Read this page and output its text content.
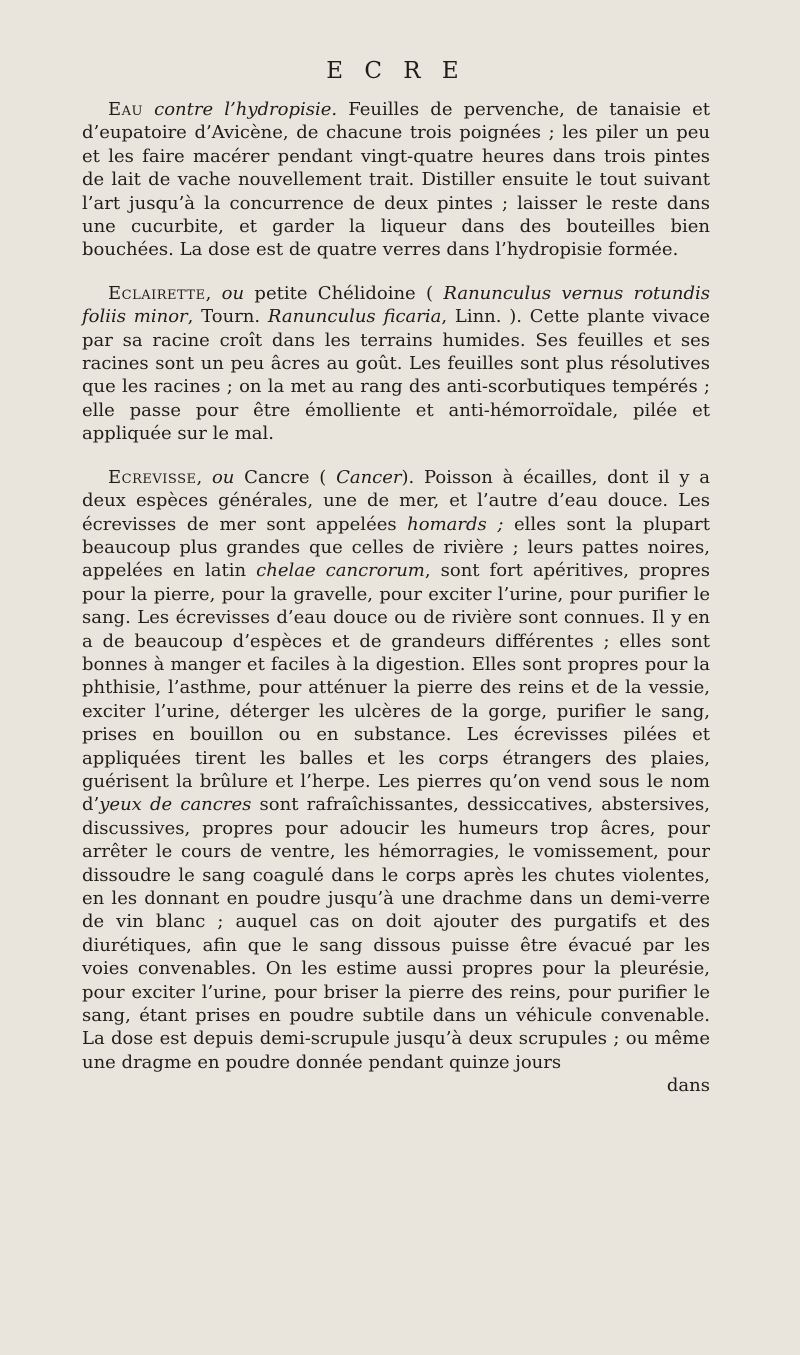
E C R E

Eau contre l’hydropisie. Feuilles de pervenche, de tanaisie et d’eupatoire d’Avicène, de chacune trois poignées ; les piler un peu et les faire macérer pendant vingt-quatre heures dans trois pintes de lait de vache nouvellement trait. Distiller ensuite le tout suivant l’art jusqu’à la concurrence de deux pintes ; laisser le reste dans une cucurbite, et garder la liqueur dans des bouteilles bien bouchées. La dose est de quatre verres dans l’hydropisie formée.

Eclairette, ou petite Chélidoine ( Ranunculus vernus rotundis foliis minor, Tourn. Ranunculus ficaria, Linn. ). Cette plante vivace par sa racine croît dans les terrains humides. Ses feuilles et ses racines sont un peu âcres au goût. Les feuilles sont plus résolutives que les racines ; on la met au rang des anti-scorbutiques tempérés ; elle passe pour être émolliente et anti-hémorroïdale, pilée et appliquée sur le mal.

Ecrevisse, ou Cancre ( Cancer). Poisson à écailles, dont il y a deux espèces générales, une de mer, et l’autre d’eau douce. Les écrevisses de mer sont appelées homards ; elles sont la plupart beaucoup plus grandes que celles de rivière ; leurs pattes noires, appelées en latin chelae cancrorum, sont fort apéritives, propres pour la pierre, pour la gravelle, pour exciter l’urine, pour purifier le sang. Les écrevisses d’eau douce ou de rivière sont connues. Il y en a de beaucoup d’espèces et de grandeurs différentes ; elles sont bonnes à manger et faciles à la digestion. Elles sont propres pour la phthisie, l’asthme, pour atténuer la pierre des reins et de la vessie, exciter l’urine, déterger les ulcères de la gorge, purifier le sang, prises en bouillon ou en substance. Les écrevisses pilées et appliquées tirent les balles et les corps étrangers des plaies, guérisent la brûlure et l’herpe. Les pierres qu’on vend sous le nom d’yeux de cancres sont rafraîchissantes, dessiccatives, abstersives, discussives, propres pour adoucir les humeurs trop âcres, pour arrêter le cours de ventre, les hémorragies, le vomissement, pour dissoudre le sang coagulé dans le corps après les chutes violentes, en les donnant en poudre jusqu’à une drachme dans un demi-verre de vin blanc ; auquel cas on doit ajouter des purgatifs et des diurétiques, afin que le sang dissous puisse être évacué par les voies convenables. On les estime aussi propres pour la pleurésie, pour exciter l’urine, pour briser la pierre des reins, pour purifier le sang, étant prises en poudre subtile dans un véhicule convenable. La dose est depuis demi-scrupule jusqu’à deux scrupules ; ou même une dragme en poudre donnée pendant quinze jours

dans
